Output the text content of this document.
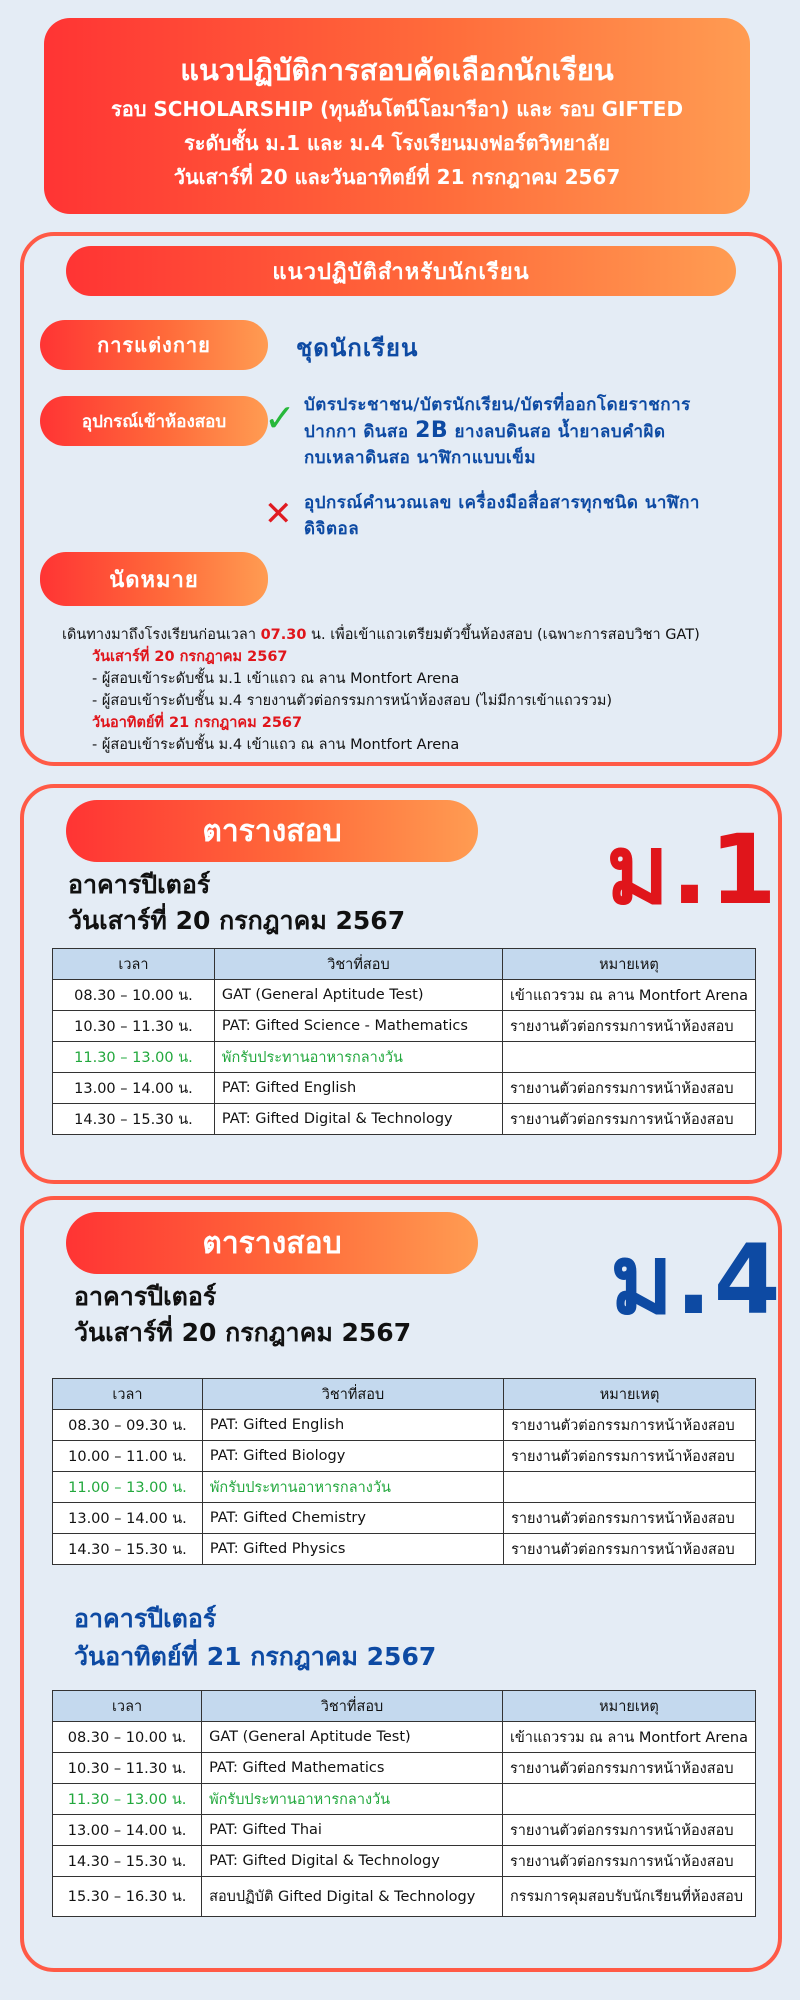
แนวปฏิบัติการสอบคัดเลือกนักเรียน
รอบ SCHOLARSHIP (ทุนอันโตนีโอมารีอา) และ รอบ GIFTED
ระดับชั้น ม.1 และ ม.4 โรงเรียนมงฟอร์ตวิทยาลัย
วันเสาร์ที่ 20 และวันอาทิตย์ที่ 21 กรกฎาคม 2567
แนวปฏิบัติสำหรับนักเรียน
การแต่งกาย	ชุดนักเรียน
อุปกรณ์เข้าห้องสอบ ✓ บัตรประชาชน/บัตรนักเรียน/บัตรที่ออกโดยราชการ
ปากกา ดินสอ 2B ยางลบดินสอ น้ำยาลบคำผิด
กบเหลาดินสอ นาฬิกาแบบเข็ม
✕ อุปกรณ์คำนวณเลข เครื่องมือสื่อสารทุกชนิด นาฬิกา
ดิจิตอล
นัดหมาย
เดินทางมาถึงโรงเรียนก่อนเวลา 07.30 น. เพื่อเข้าแถวเตรียมตัวขึ้นห้องสอบ (เฉพาะการสอบวิชา GAT)
วันเสาร์ที่ 20 กรกฎาคม 2567
- ผู้สอบเข้าระดับชั้น ม.1 เข้าแถว ณ ลาน Montfort Arena
- ผู้สอบเข้าระดับชั้น ม.4 รายงานตัวต่อกรรมการหน้าห้องสอบ (ไม่มีการเข้าแถวรวม)
วันอาทิตย์ที่ 21 กรกฎาคม 2567
- ผู้สอบเข้าระดับชั้น ม.4 เข้าแถว ณ ลาน Montfort Arena
ตารางสอบ	ม.1
อาคารปีเตอร์
วันเสาร์ที่ 20 กรกฎาคม 2567
เวลา	วิชาที่สอบ	หมายเหตุ
08.30 – 10.00 น.	GAT (General Aptitude Test)	เข้าแถวรวม ณ ลาน Montfort Arena
10.30 – 11.30 น.	PAT: Gifted Science - Mathematics	รายงานตัวต่อกรรมการหน้าห้องสอบ
11.30 – 13.00 น.	พักรับประทานอาหารกลางวัน	
13.00 – 14.00 น.	PAT: Gifted English	รายงานตัวต่อกรรมการหน้าห้องสอบ
14.30 – 15.30 น.	PAT: Gifted Digital & Technology	รายงานตัวต่อกรรมการหน้าห้องสอบ
ตารางสอบ	ม.4
อาคารปีเตอร์
วันเสาร์ที่ 20 กรกฎาคม 2567
เวลา	วิชาที่สอบ	หมายเหตุ
08.30 – 09.30 น.	PAT: Gifted English	รายงานตัวต่อกรรมการหน้าห้องสอบ
10.00 – 11.00 น.	PAT: Gifted Biology	รายงานตัวต่อกรรมการหน้าห้องสอบ
11.00 – 13.00 น.	พักรับประทานอาหารกลางวัน	
13.00 – 14.00 น.	PAT: Gifted Chemistry	รายงานตัวต่อกรรมการหน้าห้องสอบ
14.30 – 15.30 น.	PAT: Gifted Physics	รายงานตัวต่อกรรมการหน้าห้องสอบ
อาคารปีเตอร์
วันอาทิตย์ที่ 21 กรกฎาคม 2567
เวลา	วิชาที่สอบ	หมายเหตุ
08.30 – 10.00 น.	GAT (General Aptitude Test)	เข้าแถวรวม ณ ลาน Montfort Arena
10.30 – 11.30 น.	PAT: Gifted Mathematics	รายงานตัวต่อกรรมการหน้าห้องสอบ
11.30 – 13.00 น.	พักรับประทานอาหารกลางวัน	
13.00 – 14.00 น.	PAT: Gifted Thai	รายงานตัวต่อกรรมการหน้าห้องสอบ
14.30 – 15.30 น.	PAT: Gifted Digital & Technology	รายงานตัวต่อกรรมการหน้าห้องสอบ
15.30 – 16.30 น.	สอบปฏิบัติ Gifted Digital & Technology	กรรมการคุมสอบรับนักเรียนที่ห้องสอบ
